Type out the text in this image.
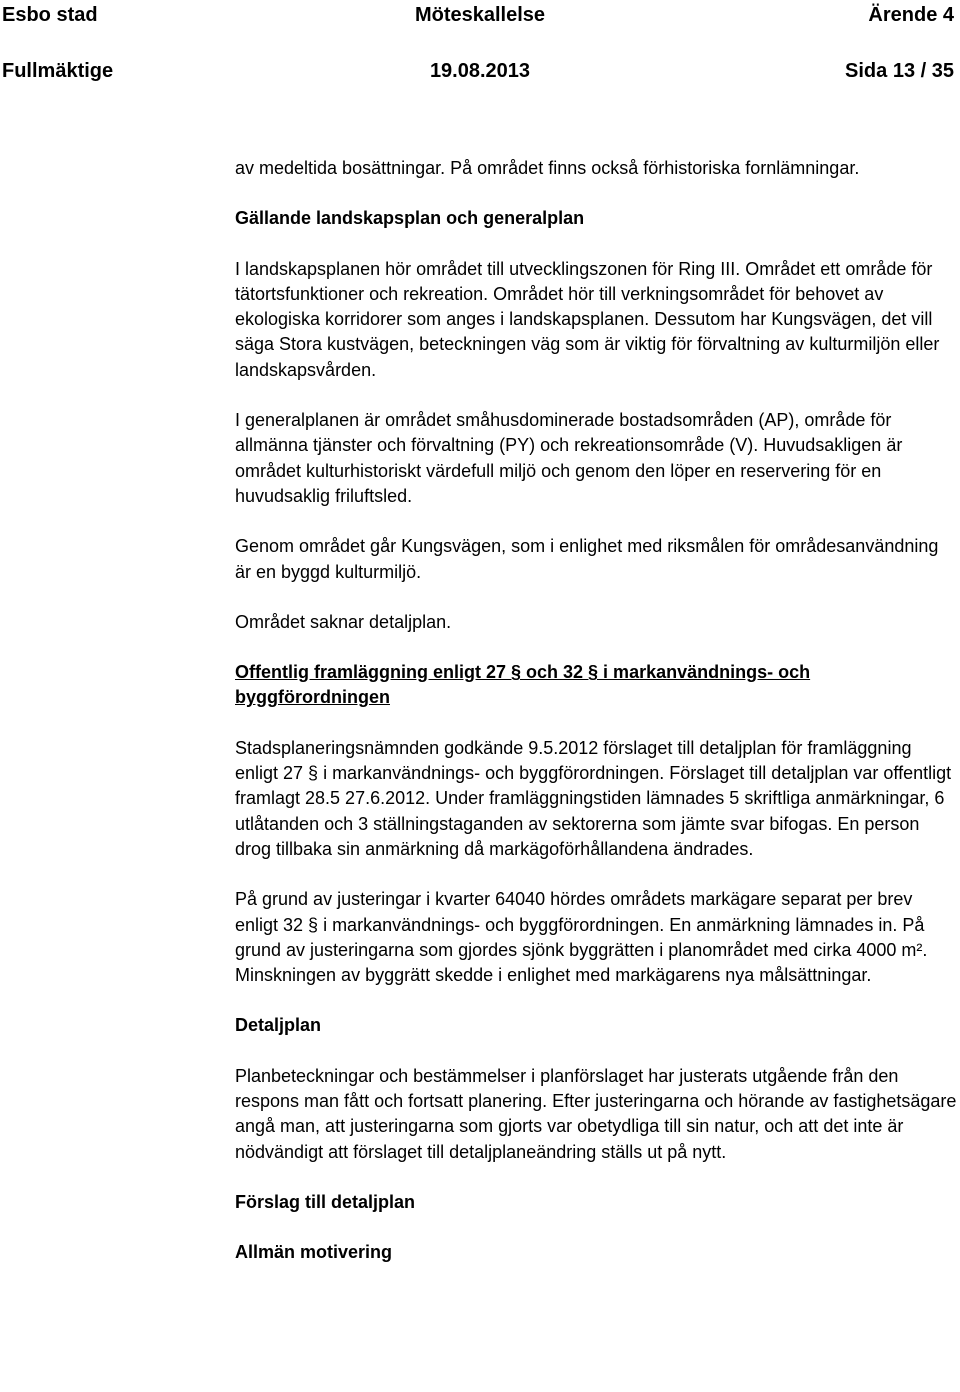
Esbo stad	Möteskallelse	Ärende 4
Fullmäktige	19.08.2013	Sida 13 / 35

av medeltida bosättningar. På området finns också förhistoriska fornlämningar.

Gällande landskapsplan och generalplan

I landskapsplanen hör området till utvecklingszonen för Ring III. Området ett område för tätortsfunktioner och rekreation. Området hör till verkningsområdet för behovet av ekologiska korridorer som anges i landskapsplanen. Dessutom har Kungsvägen, det vill säga Stora kustvägen, beteckningen väg som är viktig för förvaltning av kulturmiljön eller landskapsvården.

I generalplanen är området småhusdominerade bostadsområden (AP), område för allmänna tjänster och förvaltning (PY) och rekreationsområde (V). Huvudsakligen är området kulturhistoriskt värdefull miljö och genom den löper en reservering för en huvudsaklig friluftsled.

Genom området går Kungsvägen, som i enlighet med riksmålen för områdesanvändning är en byggd kulturmiljö.

Området saknar detaljplan.

Offentlig framläggning enligt 27 § och 32 § i markanvändnings- och byggförordningen

Stadsplaneringsnämnden godkände 9.5.2012 förslaget till detaljplan för framläggning enligt 27 § i markanvändnings- och byggförordningen. Förslaget till detaljplan var offentligt framlagt 28.5 27.6.2012. Under framläggningstiden lämnades 5 skriftliga anmärkningar, 6 utlåtanden och 3 ställningstaganden av sektorerna som jämte svar bifogas. En person drog tillbaka sin anmärkning då markägoförhållandena ändrades.

På grund av justeringar i kvarter 64040 hördes områdets markägare separat per brev enligt 32 § i markanvändnings- och byggförordningen. En anmärkning lämnades in. På grund av justeringarna som gjordes sjönk byggrätten i planområdet med cirka 4000 m². Minskningen av byggrätt skedde i enlighet med markägarens nya målsättningar.

Detaljplan

Planbeteckningar och bestämmelser i planförslaget har justerats utgående från den respons man fått och fortsatt planering. Efter justeringarna och hörande av fastighetsägare angå man, att justeringarna som gjorts var obetydliga till sin natur, och att det inte är nödvändigt att förslaget till detaljplaneändring ställs ut på nytt.

Förslag till detaljplan

Allmän motivering
